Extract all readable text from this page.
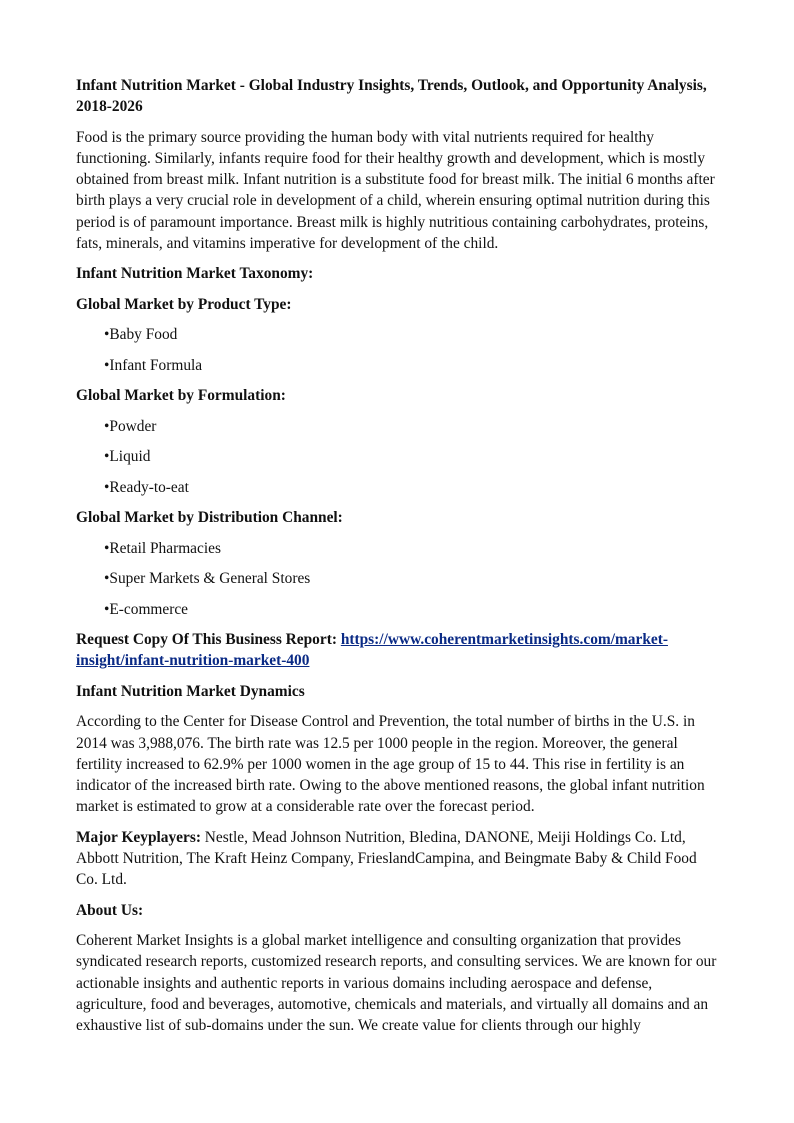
Infant Nutrition Market - Global Industry Insights, Trends, Outlook, and Opportunity Analysis, 2018-2026

Food is the primary source providing the human body with vital nutrients required for healthy functioning. Similarly, infants require food for their healthy growth and development, which is mostly obtained from breast milk. Infant nutrition is a substitute food for breast milk. The initial 6 months after birth plays a very crucial role in development of a child, wherein ensuring optimal nutrition during this period is of paramount importance. Breast milk is highly nutritious containing carbohydrates, proteins, fats, minerals, and vitamins imperative for development of the child.

Infant Nutrition Market Taxonomy:

Global Market by Product Type:

•Baby Food

•Infant Formula

Global Market by Formulation:

•Powder

•Liquid

•Ready-to-eat

Global Market by Distribution Channel:

•Retail Pharmacies

•Super Markets & General Stores

•E-commerce

Request Copy Of This Business Report: https://www.coherentmarketinsights.com/market-insight/infant-nutrition-market-400

Infant Nutrition Market Dynamics

According to the Center for Disease Control and Prevention, the total number of births in the U.S. in 2014 was 3,988,076. The birth rate was 12.5 per 1000 people in the region. Moreover, the general fertility increased to 62.9% per 1000 women in the age group of 15 to 44. This rise in fertility is an indicator of the increased birth rate. Owing to the above mentioned reasons, the global infant nutrition market is estimated to grow at a considerable rate over the forecast period.

Major Keyplayers: Nestle, Mead Johnson Nutrition, Bledina, DANONE, Meiji Holdings Co. Ltd, Abbott Nutrition, The Kraft Heinz Company, FrieslandCampina, and Beingmate Baby & Child Food Co. Ltd.

About Us:

Coherent Market Insights is a global market intelligence and consulting organization that provides syndicated research reports, customized research reports, and consulting services. We are known for our actionable insights and authentic reports in various domains including aerospace and defense, agriculture, food and beverages, automotive, chemicals and materials, and virtually all domains and an exhaustive list of sub-domains under the sun. We create value for clients through our highly
